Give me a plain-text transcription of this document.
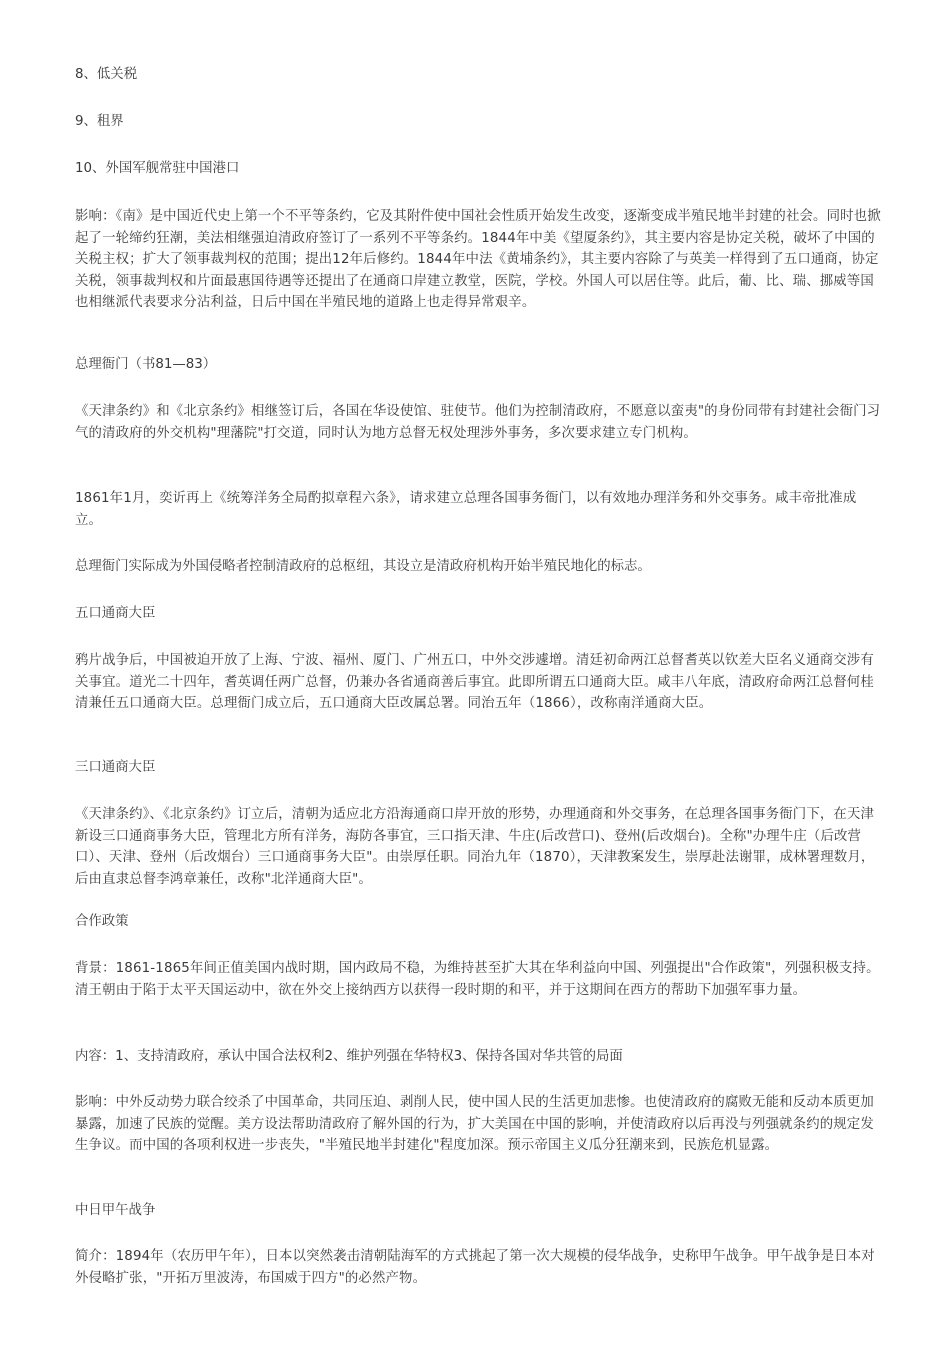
8、低关税

9、租界

10、外国军舰常驻中国港口

影响：《南》是中国近代史上第一个不平等条约，它及其附件使中国社会性质开始发生改变，逐渐变成半殖民地半封建的社会。同时也掀起了一轮缔约狂潮，美法相继强迫清政府签订了一系列不平等条约。1844年中美《望厦条约》，其主要内容是协定关税，破坏了中国的关税主权；扩大了领事裁判权的范围；提出12年后修约。1844年中法《黄埔条约》，其主要内容除了与英美一样得到了五口通商，协定关税，领事裁判权和片面最惠国待遇等还提出了在通商口岸建立教堂，医院，学校。外国人可以居住等。此后，葡、比、瑞、挪威等国也相继派代表要求分沾利益，日后中国在半殖民地的道路上也走得异常艰辛。

总理衙门（书81—83）

《天津条约》和《北京条约》相继签订后，各国在华设使馆、驻使节。他们为控制清政府，不愿意以蛮夷"的身份同带有封建社会衙门习气的清政府的外交机构"理藩院"打交道，同时认为地方总督无权处理涉外事务，多次要求建立专门机构。

1861年1月，奕䜣再上《统筹洋务全局酌拟章程六条》，请求建立总理各国事务衙门，以有效地办理洋务和外交事务。咸丰帝批准成立。

总理衙门实际成为外国侵略者控制清政府的总枢纽，其设立是清政府机构开始半殖民地化的标志。

五口通商大臣

鸦片战争后，中国被迫开放了上海、宁波、福州、厦门、广州五口，中外交涉遽增。清廷初命两江总督耆英以钦差大臣名义通商交涉有关事宜。道光二十四年，耆英调任两广总督，仍兼办各省通商善后事宜。此即所谓五口通商大臣。咸丰八年底，清政府命两江总督何桂清兼任五口通商大臣。总理衙门成立后，五口通商大臣改属总署。同治五年（1866），改称南洋通商大臣。

三口通商大臣

《天津条约》、《北京条约》订立后，清朝为适应北方沿海通商口岸开放的形势，办理通商和外交事务，在总理各国事务衙门下，在天津新设三口通商事务大臣，管理北方所有洋务，海防各事宜，三口指天津、牛庄(后改营口)、登州(后改烟台)。全称"办理牛庄（后改营口）、天津、登州（后改烟台）三口通商事务大臣"。由崇厚任职。同治九年（1870），天津教案发生，崇厚赴法谢罪，成林署理数月，后由直隶总督李鸿章兼任，改称"北洋通商大臣"。

合作政策

背景：1861-1865年间正值美国内战时期，国内政局不稳，为维持甚至扩大其在华利益向中国、列强提出"合作政策"，列强积极支持。清王朝由于陷于太平天国运动中，欲在外交上接纳西方以获得一段时期的和平，并于这期间在西方的帮助下加强军事力量。

内容：1、支持清政府，承认中国合法权利2、维护列强在华特权3、保持各国对华共管的局面

影响：中外反动势力联合绞杀了中国革命，共同压迫、剥削人民，使中国人民的生活更加悲惨。也使清政府的腐败无能和反动本质更加暴露，加速了民族的觉醒。美方设法帮助清政府了解外国的行为，扩大美国在中国的影响，并使清政府以后再没与列强就条约的规定发生争议。而中国的各项利权进一步丧失，"半殖民地半封建化"程度加深。预示帝国主义瓜分狂潮来到，民族危机显露。

中日甲午战争

简介：1894年（农历甲午年），日本以突然袭击清朝陆海军的方式挑起了第一次大规模的侵华战争，史称甲午战争。甲午战争是日本对外侵略扩张，"开拓万里波涛，布国威于四方"的必然产物。
